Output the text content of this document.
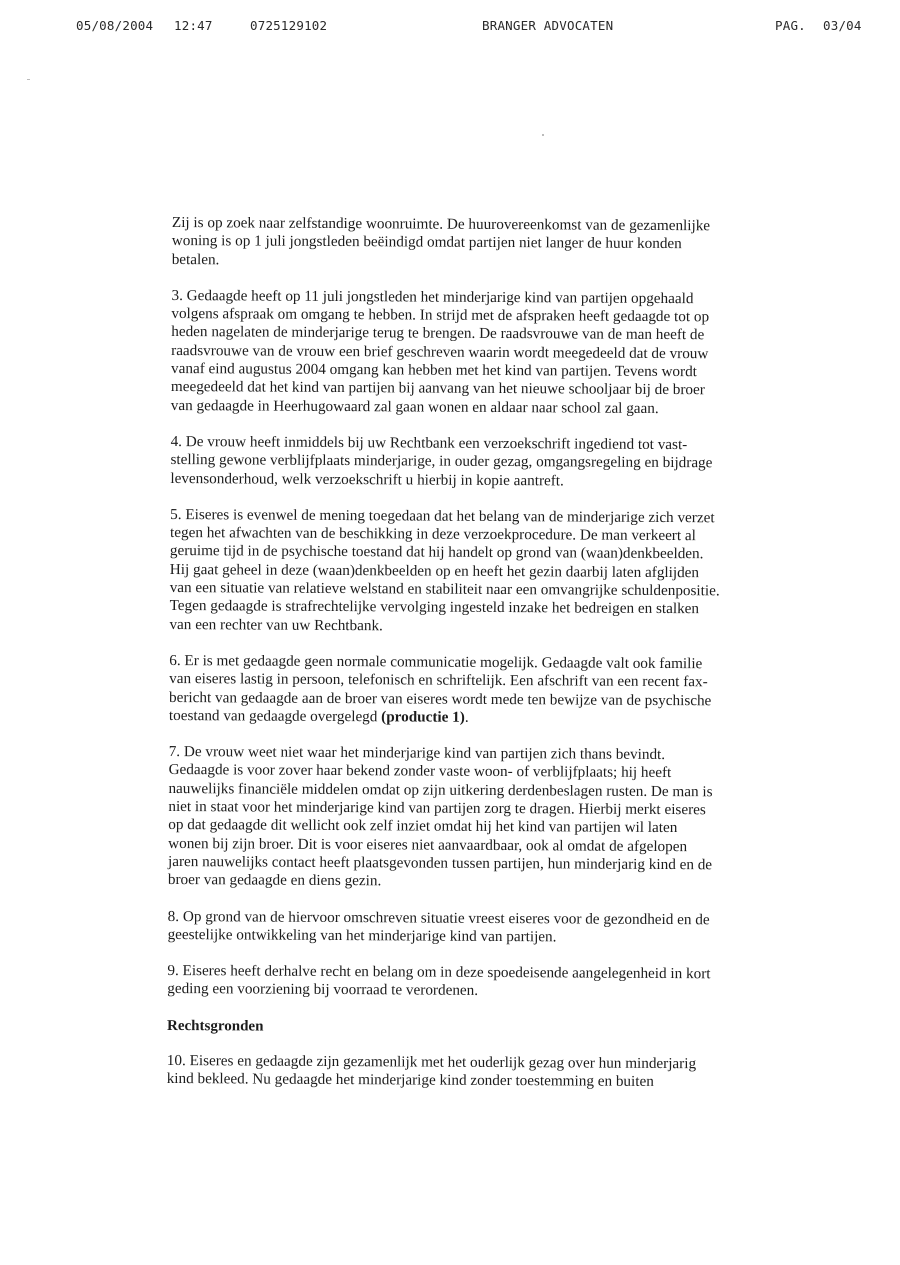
05/08/2004 12:47	0725129102	BRANGER ADVOCATEN	PAG. 03/04

Zij is op zoek naar zelfstandige woonruimte. De huurovereenkomst van de gezamenlijke
woning is op 1 juli jongstleden beëindigd omdat partijen niet langer de huur konden
betalen.

3. Gedaagde heeft op 11 juli jongstleden het minderjarige kind van partijen opgehaald
volgens afspraak om omgang te hebben. In strijd met de afspraken heeft gedaagde tot op
heden nagelaten de minderjarige terug te brengen. De raadsvrouwe van de man heeft de
raadsvrouwe van de vrouw een brief geschreven waarin wordt meegedeeld dat de vrouw
vanaf eind augustus 2004 omgang kan hebben met het kind van partijen. Tevens wordt
meegedeeld dat het kind van partijen bij aanvang van het nieuwe schooljaar bij de broer
van gedaagde in Heerhugowaard zal gaan wonen en aldaar naar school zal gaan.

4. De vrouw heeft inmiddels bij uw Rechtbank een verzoekschrift ingediend tot vast-
stelling gewone verblijfplaats minderjarige, in ouder gezag, omgangsregeling en bijdrage
levensonderhoud, welk verzoekschrift u hierbij in kopie aantreft.

5. Eiseres is evenwel de mening toegedaan dat het belang van de minderjarige zich verzet
tegen het afwachten van de beschikking in deze verzoekprocedure. De man verkeert al
geruime tijd in de psychische toestand dat hij handelt op grond van (waan)denkbeelden.
Hij gaat geheel in deze (waan)denkbeelden op en heeft het gezin daarbij laten afglijden
van een situatie van relatieve welstand en stabiliteit naar een omvangrijke schuldenpositie.
Tegen gedaagde is strafrechtelijke vervolging ingesteld inzake het bedreigen en stalken
van een rechter van uw Rechtbank.

6. Er is met gedaagde geen normale communicatie mogelijk. Gedaagde valt ook familie
van eiseres lastig in persoon, telefonisch en schriftelijk. Een afschrift van een recent fax-
bericht van gedaagde aan de broer van eiseres wordt mede ten bewijze van de psychische
toestand van gedaagde overgelegd (productie 1).

7. De vrouw weet niet waar het minderjarige kind van partijen zich thans bevindt.
Gedaagde is voor zover haar bekend zonder vaste woon- of verblijfplaats; hij heeft
nauwelijks financiële middelen omdat op zijn uitkering derdenbeslagen rusten. De man is
niet in staat voor het minderjarige kind van partijen zorg te dragen. Hierbij merkt eiseres
op dat gedaagde dit wellicht ook zelf inziet omdat hij het kind van partijen wil laten
wonen bij zijn broer. Dit is voor eiseres niet aanvaardbaar, ook al omdat de afgelopen
jaren nauwelijks contact heeft plaatsgevonden tussen partijen, hun minderjarig kind en de
broer van gedaagde en diens gezin.

8. Op grond van de hiervoor omschreven situatie vreest eiseres voor de gezondheid en de
geestelijke ontwikkeling van het minderjarige kind van partijen.

9. Eiseres heeft derhalve recht en belang om in deze spoedeisende aangelegenheid in kort
geding een voorziening bij voorraad te verordenen.

Rechtsgronden

10. Eiseres en gedaagde zijn gezamenlijk met het ouderlijk gezag over hun minderjarig
kind bekleed. Nu gedaagde het minderjarige kind zonder toestemming en buiten
